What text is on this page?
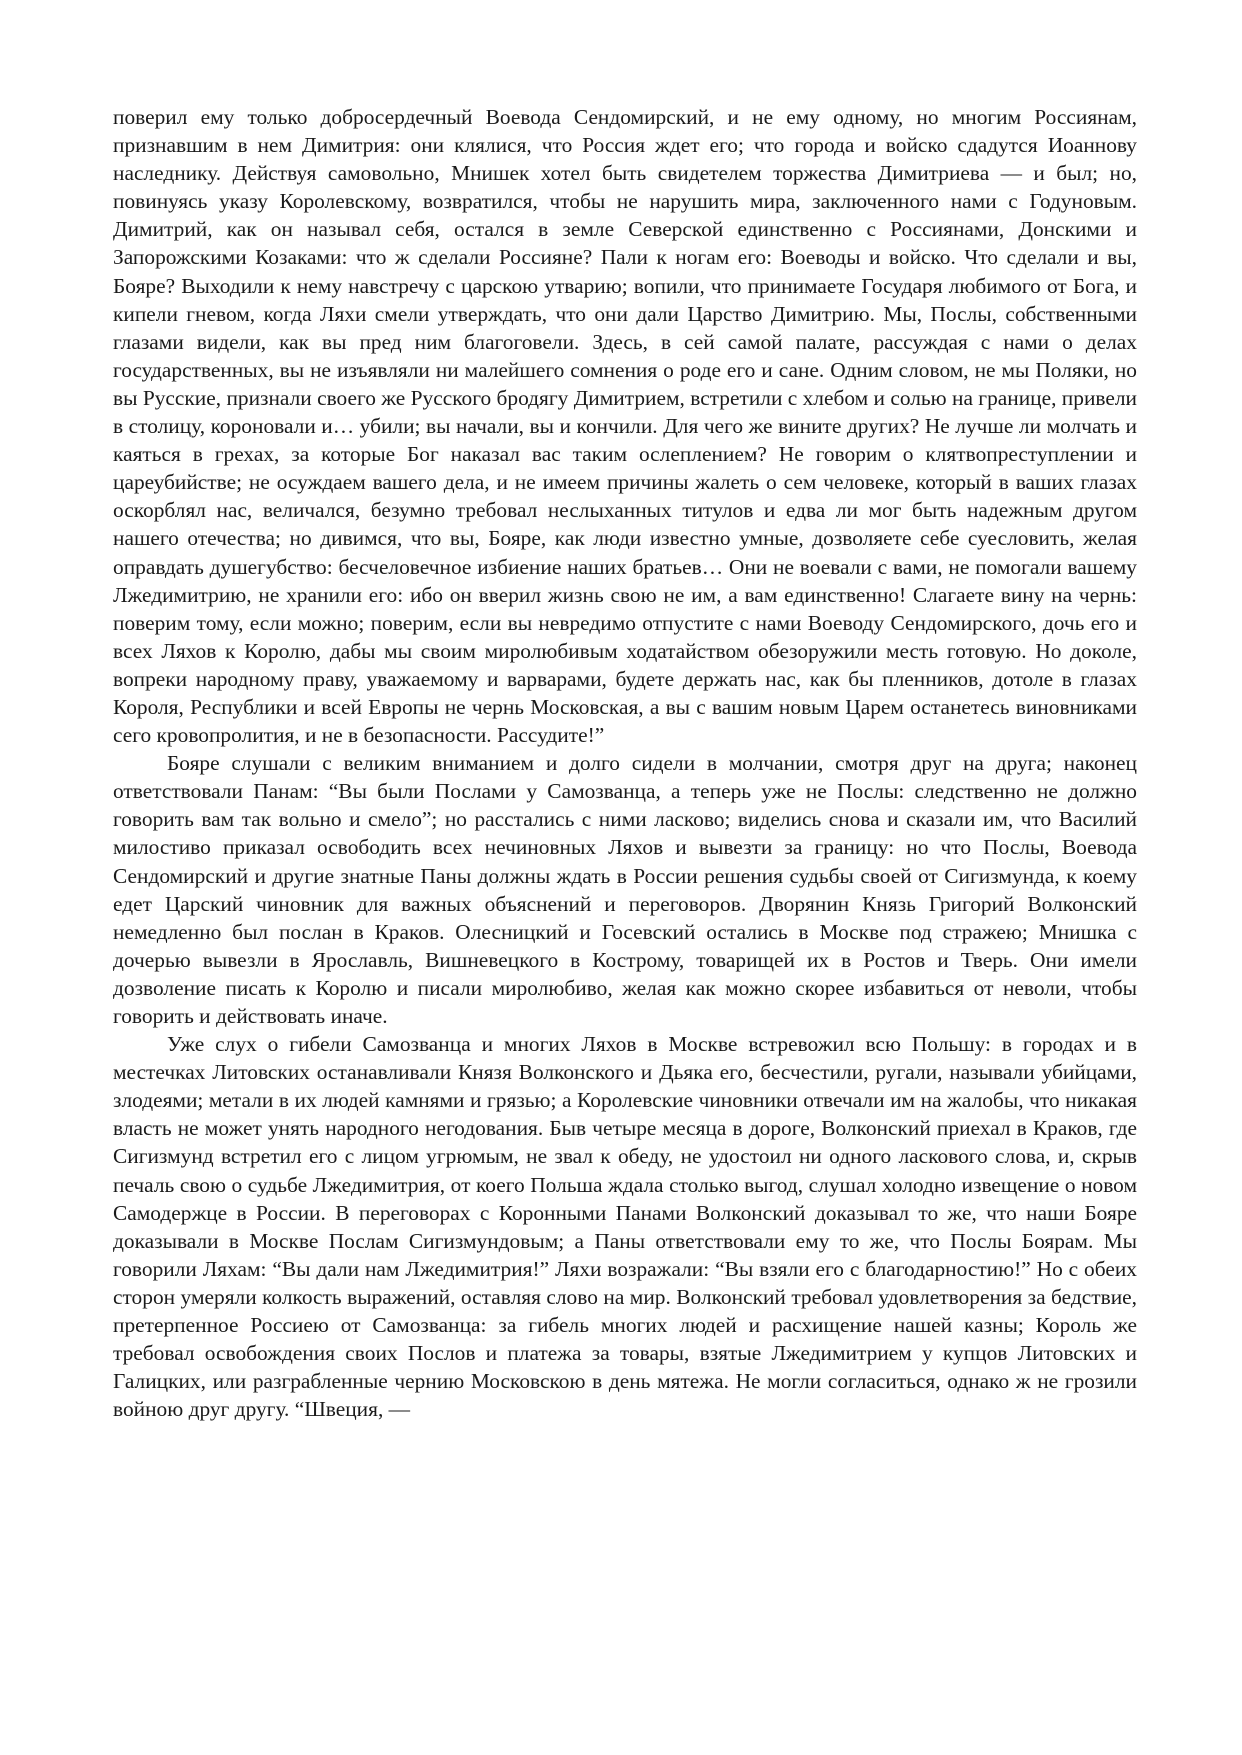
поверил ему только добросердечный Воевода Сендомирский, и не ему одному, но многим Россиянам, признавшим в нем Димитрия: они клялися, что Россия ждет его; что города и войско сдадутся Иоаннову наследнику. Действуя самовольно, Мнишек хотел быть свидетелем торжества Димитриева — и был; но, повинуясь указу Королевскому, возвратился, чтобы не нарушить мира, заключенного нами с Годуновым. Димитрий, как он называл себя, остался в земле Северской единственно с Россиянами, Донскими и Запорожскими Козаками: что ж сделали Россияне? Пали к ногам его: Воеводы и войско. Что сделали и вы, Бояре? Выходили к нему навстречу с царскою утварию; вопили, что принимаете Государя любимого от Бога, и кипели гневом, когда Ляхи смели утверждать, что они дали Царство Димитрию. Мы, Послы, собственными глазами видели, как вы пред ним благоговели. Здесь, в сей самой палате, рассуждая с нами о делах государственных, вы не изъявляли ни малейшего сомнения о роде его и сане. Одним словом, не мы Поляки, но вы Русские, признали своего же Русского бродягу Димитрием, встретили с хлебом и солью на границе, привели в столицу, короновали и… убили; вы начали, вы и кончили. Для чего же вините других? Не лучше ли молчать и каяться в грехах, за которые Бог наказал вас таким ослеплением? Не говорим о клятвопреступлении и цареубийстве; не осуждаем вашего дела, и не имеем причины жалеть о сем человеке, который в ваших глазах оскорблял нас, величался, безумно требовал неслыханных титулов и едва ли мог быть надежным другом нашего отечества; но дивимся, что вы, Бояре, как люди известно умные, дозволяете себе суесловить, желая оправдать душегубство: бесчеловечное избиение наших братьев… Они не воевали с вами, не помогали вашему Лжедимитрию, не хранили его: ибо он вверил жизнь свою не им, а вам единственно! Слагаете вину на чернь: поверим тому, если можно; поверим, если вы невредимо отпустите с нами Воеводу Сендомирского, дочь его и всех Ляхов к Королю, дабы мы своим миролюбивым ходатайством обезоружили месть готовую. Но доколе, вопреки народному праву, уважаемому и варварами, будете держать нас, как бы пленников, дотоле в глазах Короля, Республики и всей Европы не чернь Московская, а вы с вашим новым Царем останетесь виновниками сего кровопролития, и не в безопасности. Рассудите!”

Бояре слушали с великим вниманием и долго сидели в молчании, смотря друг на друга; наконец ответствовали Панам: “Вы были Послами у Самозванца, а теперь уже не Послы: следственно не должно говорить вам так вольно и смело”; но расстались с ними ласково; виделись снова и сказали им, что Василий милостиво приказал освободить всех нечиновных Ляхов и вывезти за границу: но что Послы, Воевода Сендомирский и другие знатные Паны должны ждать в России решения судьбы своей от Сигизмунда, к коему едет Царский чиновник для важных объяснений и переговоров. Дворянин Князь Григорий Волконский немедленно был послан в Краков. Олесницкий и Госевский остались в Москве под стражею; Мнишка с дочерью вывезли в Ярославль, Вишневецкого в Кострому, товарищей их в Ростов и Тверь. Они имели дозволение писать к Королю и писали миролюбиво, желая как можно скорее избавиться от неволи, чтобы говорить и действовать иначе.

Уже слух о гибели Самозванца и многих Ляхов в Москве встревожил всю Польшу: в городах и в местечках Литовских останавливали Князя Волконского и Дьяка его, бесчестили, ругали, называли убийцами, злодеями; метали в их людей камнями и грязью; а Королевские чиновники отвечали им на жалобы, что никакая власть не может унять народного негодования. Быв четыре месяца в дороге, Волконский приехал в Краков, где Сигизмунд встретил его с лицом угрюмым, не звал к обеду, не удостоил ни одного ласкового слова, и, скрыв печаль свою о судьбе Лжедимитрия, от коего Польша ждала столько выгод, слушал холодно извещение о новом Самодержце в России. В переговорах с Коронными Панами Волконский доказывал то же, что наши Бояре доказывали в Москве Послам Сигизмундовым; а Паны ответствовали ему то же, что Послы Боярам. Мы говорили Ляхам: “Вы дали нам Лжедимитрия!” Ляхи возражали: “Вы взяли его с благодарностию!” Но с обеих сторон умеряли колкость выражений, оставляя слово на мир. Волконский требовал удовлетворения за бедствие, претерпенное Россиею от Самозванца: за гибель многих людей и расхищение нашей казны; Король же требовал освобождения своих Послов и платежа за товары, взятые Лжедимитрием у купцов Литовских и Галицких, или разграбленные чернию Московскою в день мятежа. Не могли согласиться, однако ж не грозили войною друг другу. “Швеция, —
